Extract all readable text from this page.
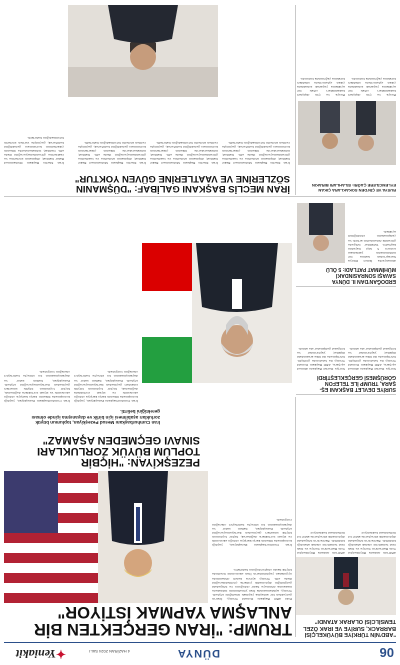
06
DÜNYA
4 HAZİRAN 2024 SALI
✦Yeniakit
TRUMP: "İRAN GERÇEKTEN BİR
ANLAŞMA YAPMAK İSTİYOR"
"ABD'NİN TÜRKİYE BÜYÜKELÇİSİ
BARRACK, SURİYE VE IRAK ÖZEL
TEMSİLCİSİ OLARAK ATANDI"
ABD'nin Ankara Büyükelçisi Tom Barrack'ın Suriye ve Irak özel temsilcisi olarak atandığı bildirildi. Barrack'ın bölgedeki diplomatik süreçlerde aktif rol üstlenmesi bekleniyor.
ABD'nin Ankara Büyükelçisi Tom Barrack'ın Suriye ve Irak özel temsilcisi olarak atandığı bildirildi. Barrack'ın bölgedeki diplomatik süreçlerde aktif rol üstlenmesi bekleniyor.
Eski ABD Başkanı Donald Trump, İran'ın gerçekten bir anlaşma yapmak istediğini söyledi. Trump, açıklamasında İran yönetiminin müzakere masasına dönmeye hazır olduğunu ve bölgedeki gerginliğin diplomatik yollarla çözülebileceğini ifade etti. Trump ayrıca kendi döneminde uygulanan yaptırımların İran ekonomisi üzerinde büyük baskı oluşturduğunu hatırlattı.
PEZEŞKİYAN: "HİÇBİR
TOPLUM BÜYÜK ZORLUKLARI
SINAVI GEÇMEDEN AŞAMAZ"
İran Cumhurbaşkanı Mesud Pezeşkiyan, toplumun büyük zorlukları aşabilmesi için birlik ve dayanışma içinde olması gerektiğini belirtti.
İran Cumhurbaşkanı Pezeşkiyan, yaptığı konuşmada ülkenin karşı karşıya olduğu ekonomik ve siyasi zorluklara değinerek, hiçbir toplumun büyük sınavları geçmeden ilerleyemeyeceğini söyledi. Pezeşkiyan, halkın sabır ve dayanışmasının bu süreçte belirleyici olacağını vurguladı.
İran Cumhurbaşkanı Pezeşkiyan, yaptığı konuşmada ülkenin karşı karşıya olduğu ekonomik ve siyasi zorluklara değinerek, hiçbir toplumun büyük sınavları geçmeden ilerleyemeyeceğini söyledi. Pezeşkiyan, halkın sabır ve dayanışmasının bu süreçte belirleyici olacağını vurguladı.
İran Cumhurbaşkanı Pezeşkiyan, yaptığı konuşmada ülkenin karşı karşıya olduğu ekonomik ve siyasi zorluklara değinerek, hiçbir toplumun büyük sınavları geçmeden ilerleyemeyeceğini söyledi. Pezeşkiyan, halkın sabır ve dayanışmasının bu süreçte belirleyici olacağını vurguladı.
SURİYE DEVLET BAŞKANI EŞ-
ŞARA, TRUMP İLE TELEFON
GÖRÜŞMESİ GERÇEKLEŞTİRDİ
Suriye Devlet Başkanı Ahmed eş-Şara, ABD Başkanı Donald Trump ile telefonda görüştü. Görüşmede iki ülke arasındaki ilişkiler, yaptırımlar ve bölgesel gelişmeler ele alındı.
Suriye Devlet Başkanı Ahmed eş-Şara, ABD Başkanı Donald Trump ile telefonda görüştü. Görüşmede iki ülke arasındaki ilişkiler, yaptırımlar ve bölgesel gelişmeler ele alındı.
ERDOĞAN'DAN II. DÜNYA
SAVAŞI SONRASINDAKİ
MÜHİMMAT PATLADI: 5 ÖLÜ
Almanya'da İkinci Dünya Savaşı'ndan kalma bir mühimmatın patlaması sonucu 5 kişi hayatını kaybetti. Yetkililer bölgede güvenlik önlemlerini artırdı ve çalışmaların sürdüğünü açıkladı.
İRAN MECLİS BAŞKANI GALİBAF: "DÜŞMANIN
SÖZLERİNE VE VAATLERİNE GÜVEN YOKTUR"
İran Meclis Başkanı Muhammed Bakır Galibaf, düşmanın sözlerine ve vaatlerine güvenilemeyeceğini ifade etti. Galibaf, müzakerelerde ülkenin çıkarlarının korunması gerektiğini belirterek, geçmişte verilen sözlerin tutulmadığını hatırlattı.
İran Meclis Başkanı Muhammed Bakır Galibaf, düşmanın sözlerine ve vaatlerine güvenilemeyeceğini ifade etti. Galibaf, müzakerelerde ülkenin çıkarlarının korunması gerektiğini belirterek, geçmişte verilen sözlerin tutulmadığını hatırlattı.
İran Meclis Başkanı Muhammed Bakır Galibaf, düşmanın sözlerine ve vaatlerine güvenilemeyeceğini ifade etti. Galibaf, müzakerelerde ülkenin çıkarlarının korunması gerektiğini belirterek, geçmişte verilen sözlerin tutulmadığını hatırlattı.
İran Meclis Başkanı Muhammed Bakır Galibaf, düşmanın sözlerine ve vaatlerine güvenilemeyeceğini ifade etti. Galibaf, müzakerelerde ülkenin çıkarlarının korunması gerektiğini belirterek, geçmişte verilen sözlerin tutulmadığını hatırlattı.
RUSYA VE ÇİN'DEN SOKAKLARA ÇIKAN EYLEMCİLERE ÇAĞRI: SİLAHLARI BIRAKIN
Rusya ve Çin dışişleri bakanlıkları ortak bir açıklama yaparak sokaklara çıkan eylemcilere silahları bırakma çağrısında bulundu.
Rusya ve Çin dışişleri bakanlıkları ortak bir açıklama yaparak sokaklara çıkan eylemcilere silahları bırakma çağrısında bulundu.
